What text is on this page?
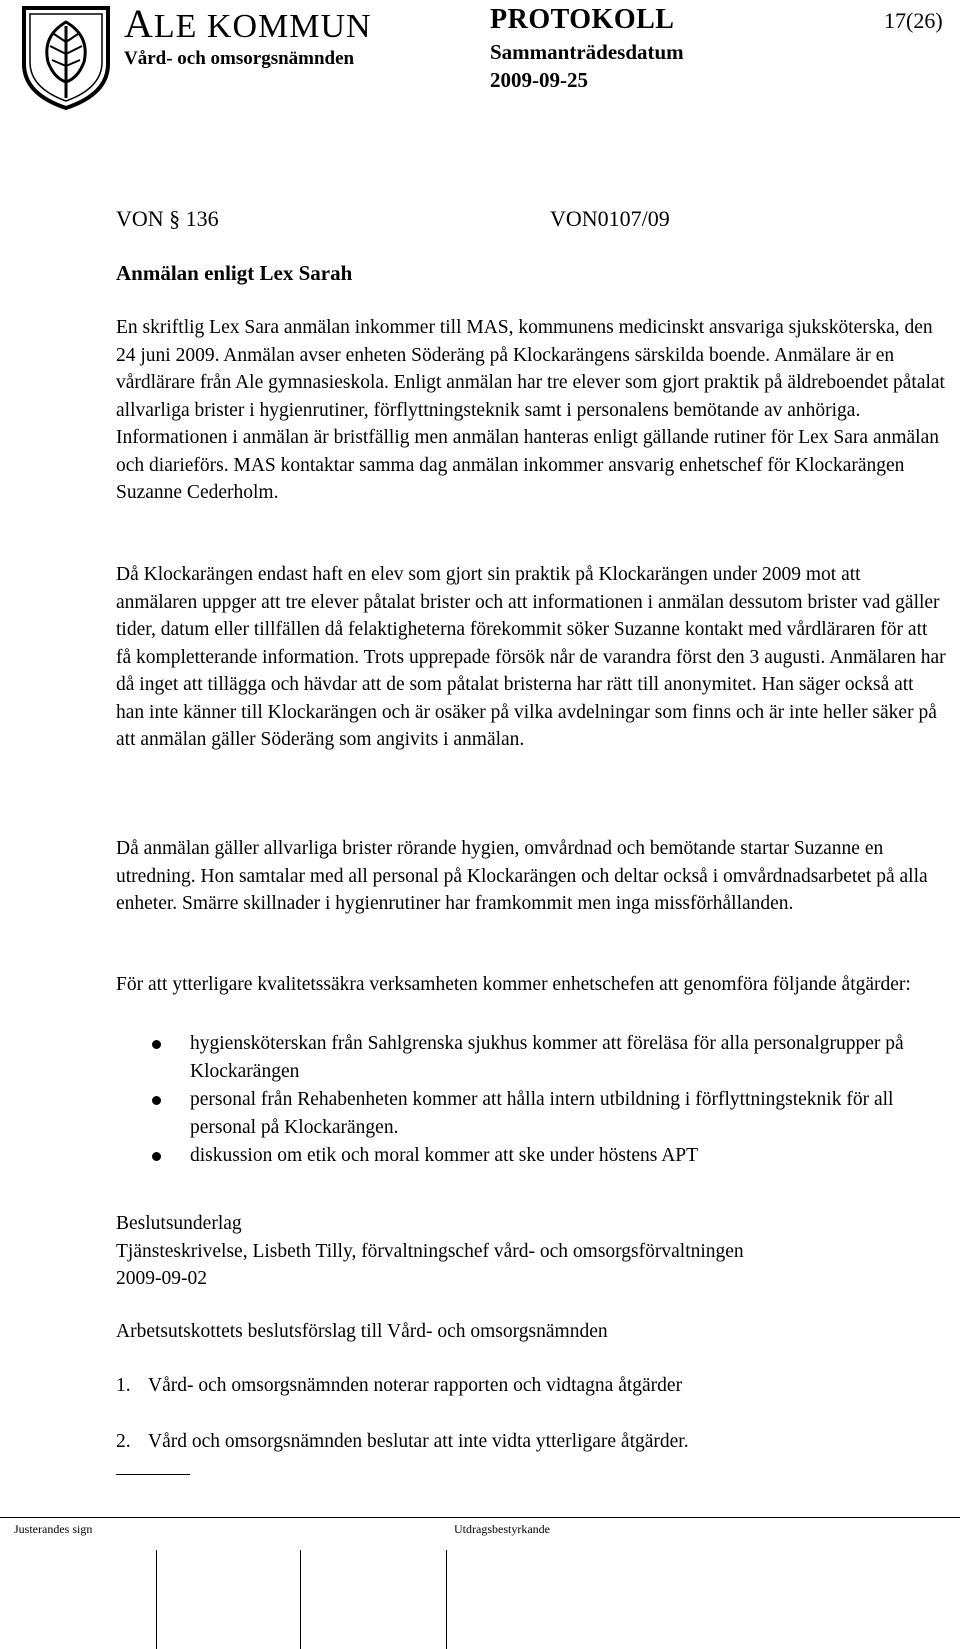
ALE KOMMUN
Vård- och omsorgsnämnden
PROTOKOLL	17(26)
Sammanträdesdatum
2009-09-25
VON § 136	VON0107/09
Anmälan enligt Lex Sarah
En skriftlig Lex Sara anmälan inkommer till MAS, kommunens medicinskt ansvariga sjuksköterska, den 24 juni 2009. Anmälan avser enheten Söderäng på Klockarängens särskilda boende. Anmälare är en vårdlärare från Ale gymnasieskola. Enligt anmälan har tre elever som gjort praktik på äldreboendet påtalat allvarliga brister i hygienrutiner, förflyttningsteknik samt i personalens bemötande av anhöriga. Informationen i anmälan är bristfällig men anmälan hanteras enligt gällande rutiner för Lex Sara anmälan och diarieförs. MAS kontaktar samma dag anmälan inkommer ansvarig enhetschef för Klockarängen Suzanne Cederholm.
Då Klockarängen endast haft en elev som gjort sin praktik på Klockarängen under 2009 mot att anmälaren uppger att tre elever påtalat brister och att informationen i anmälan dessutom brister vad gäller tider, datum eller tillfällen då felaktigheterna förekommit söker Suzanne kontakt med vårdläraren för att få kompletterande information. Trots upprepade försök når de varandra först den 3 augusti. Anmälaren har då inget att tillägga och hävdar att de som påtalat bristerna har rätt till anonymitet. Han säger också att han inte känner till Klockarängen och är osäker på vilka avdelningar som finns och är inte heller säker på att anmälan gäller Söderäng som angivits i anmälan.
Då anmälan gäller allvarliga brister rörande hygien, omvårdnad och bemötande startar Suzanne en utredning. Hon samtalar med all personal på Klockarängen och deltar också i omvårdnadsarbetet på alla enheter. Smärre skillnader i hygienrutiner har framkommit men inga missförhållanden.
För att ytterligare kvalitetssäkra verksamheten kommer enhetschefen att genomföra följande åtgärder:
hygiensköterskan från Sahlgrenska sjukhus kommer att föreläsa för alla personalgrupper på Klockarängen
personal från Rehabenheten kommer att hålla intern utbildning i förflyttningsteknik för all personal på Klockarängen.
diskussion om etik och moral kommer att ske under höstens APT
Beslutsunderlag
Tjänsteskrivelse, Lisbeth Tilly, förvaltningschef vård- och omsorgsförvaltningen
2009-09-02
Arbetsutskottets beslutsförslag till Vård- och omsorgsnämnden
1. Vård- och omsorgsnämnden noterar rapporten och vidtagna åtgärder
2. Vård och omsorgsnämnden beslutar att inte vidta ytterligare åtgärder.
Justerandes sign	Utdragsbestyrkande
